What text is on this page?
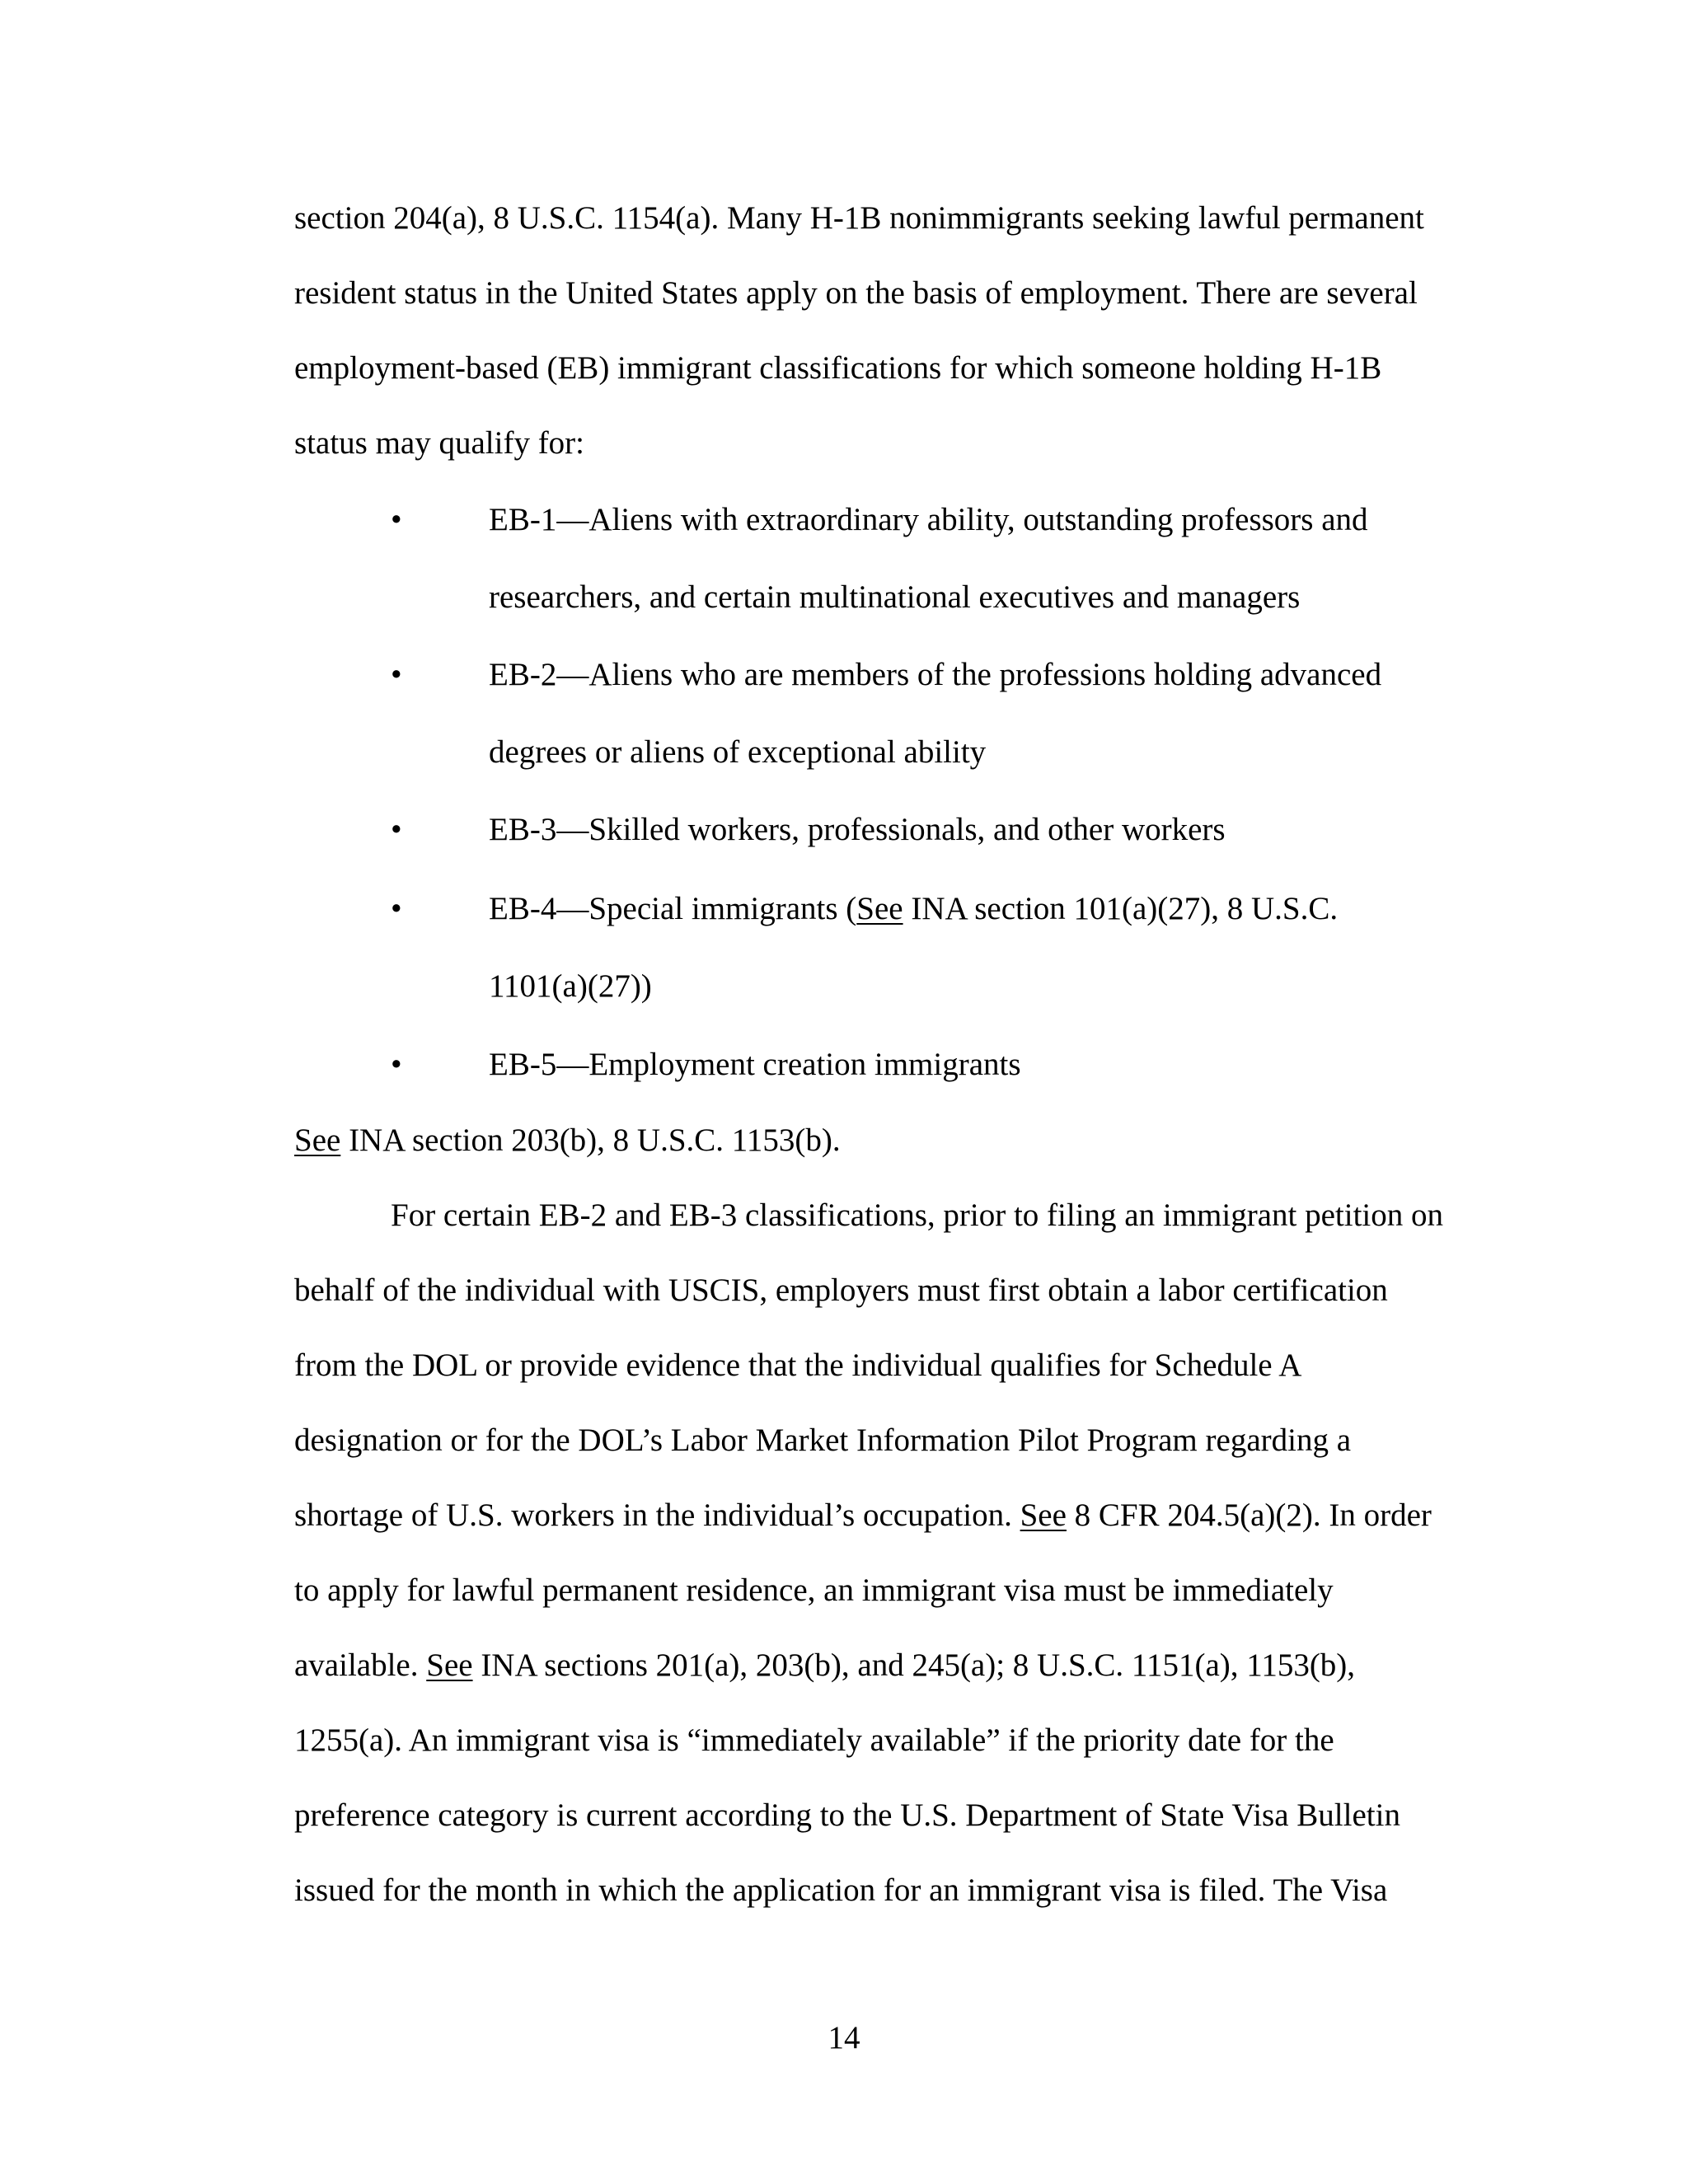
section 204(a), 8 U.S.C. 1154(a). Many H-1B nonimmigrants seeking lawful permanent

resident status in the United States apply on the basis of employment. There are several

employment-based (EB) immigrant classifications for which someone holding H-1B

status may qualify for:

•	EB-1—Aliens with extraordinary ability, outstanding professors and

researchers, and certain multinational executives and managers

•	EB-2—Aliens who are members of the professions holding advanced

degrees or aliens of exceptional ability

•	EB-3—Skilled workers, professionals, and other workers

•	EB-4—Special immigrants (See INA section 101(a)(27), 8 U.S.C.

1101(a)(27))

•	EB-5—Employment creation immigrants

See INA section 203(b), 8 U.S.C. 1153(b).

For certain EB-2 and EB-3 classifications, prior to filing an immigrant petition on

behalf of the individual with USCIS, employers must first obtain a labor certification

from the DOL or provide evidence that the individual qualifies for Schedule A

designation or for the DOL’s Labor Market Information Pilot Program regarding a

shortage of U.S. workers in the individual’s occupation. See 8 CFR 204.5(a)(2). In order

to apply for lawful permanent residence, an immigrant visa must be immediately

available. See INA sections 201(a), 203(b), and 245(a); 8 U.S.C. 1151(a), 1153(b),

1255(a). An immigrant visa is “immediately available” if the priority date for the

preference category is current according to the U.S. Department of State Visa Bulletin

issued for the month in which the application for an immigrant visa is filed. The Visa

14
